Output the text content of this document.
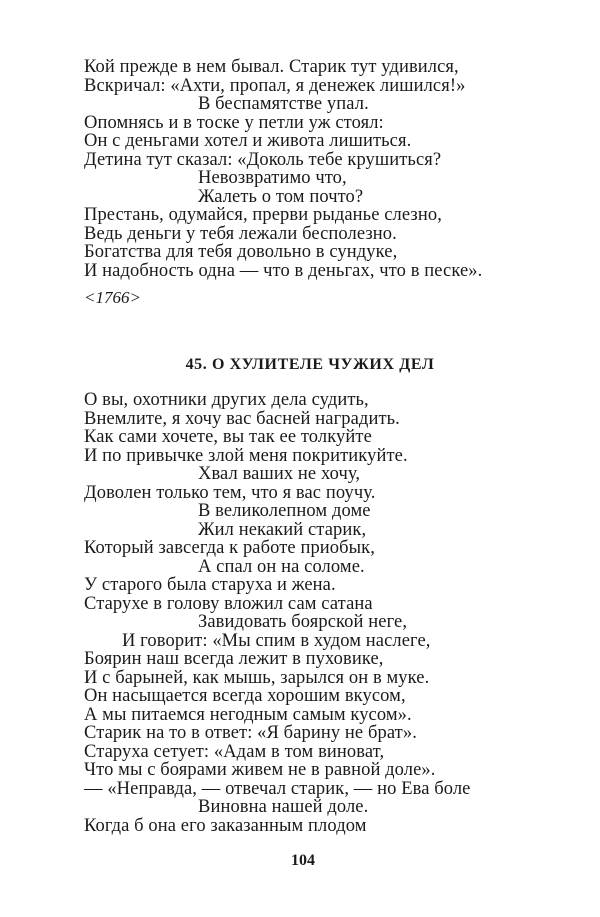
Кой прежде в нем бывал. Старик тут удивился,
Вскричал: «Ахти, пропал, я денежек лишился!»
В беспамятстве упал.
Опомнясь и в тоске у петли уж стоял:
Он с деньгами хотел и живота лишиться.
Детина тут сказал: «Доколь тебе крушиться?
Невозвратимо что,
Жалеть о том почто?
Престань, одумайся, прерви рыданье слезно,
Ведь деньги у тебя лежали бесполезно.
Богатства для тебя довольно в сундуке,
И надобность одна — что в деньгах, что в песке».
<1766>
45. О ХУЛИТЕЛЕ ЧУЖИХ ДЕЛ
О вы, охотники других дела судить,
Внемлите, я хочу вас басней наградить.
Как сами хочете, вы так ее толкуйте
И по привычке злой меня покритикуйте.
Хвал ваших не хочу,
Доволен только тем, что я вас поучу.
В великолепном доме
Жил некакий старик,
Который завсегда к работе приобык,
А спал он на соломе.
У старого была старуха и жена.
Старухе в голову вложил сам сатана
Завидовать боярской неге,
И говорит: «Мы спим в худом наслеге,
Боярин наш всегда лежит в пуховике,
И с барыней, как мышь, зарылся он в муке.
Он насыщается всегда хорошим вкусом,
А мы питаемся негодным самым кусом».
Старик на то в ответ: «Я барину не брат».
Старуха сетует: «Адам в том виноват,
Что мы с боярами живем не в равной доле».
— «Неправда, — отвечал старик, — но Ева боле
Виновна нашей доле.
Когда б она его заказанным плодом
104
